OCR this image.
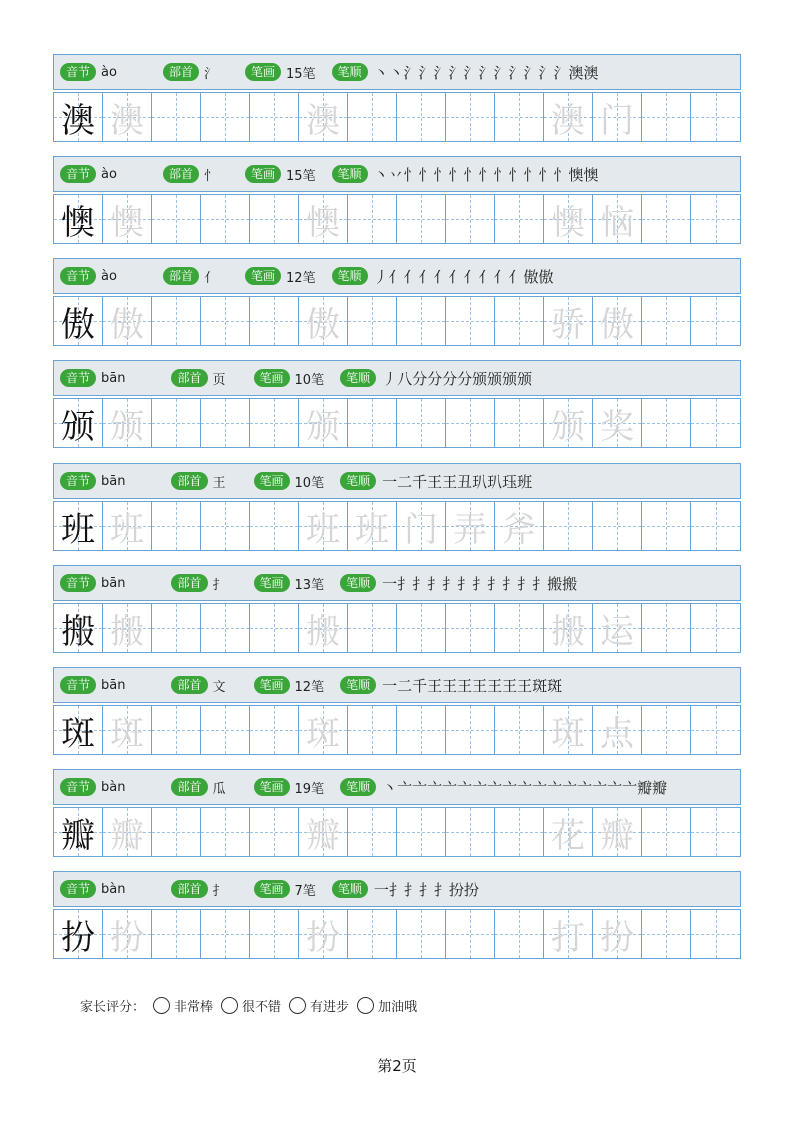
音节 ào	部首 氵	笔画 15笔	笔顺 丶丶氵氵氵氵氵氵氵氵氵氵氵澳澳
澳 澳	澳	澳 门
音节 ào	部首 忄	笔画 15笔	笔顺 丶丷忄忄忄忄忄忄忄忄忄忄忄懊懊
懊 懊	懊	懊 恼
音节 ào	部首 亻	笔画 12笔	笔顺 丿亻亻亻亻亻亻亻亻亻傲傲
傲 傲	傲	骄 傲
音节 bān	部首 页	笔画 10笔	笔顺 丿八分分分分颁颁颁颁
颁 颁	颁	颁 奖
音节 bān	部首 王	笔画 10笔	笔顺 一二千王王丑玐玐珏班
班 班	班 班 门 弄 斧
音节 bān	部首 扌	笔画 13笔	笔顺 一扌扌扌扌扌扌扌扌扌扌搬搬
搬 搬	搬	搬 运
音节 bān	部首 文	笔画 12笔	笔顺 一二千王王王王王王王斑斑
斑 斑	斑	斑 点
音节 bàn	部首 瓜	笔画 19笔	笔顺 丶亠亠亠亠亠亠亠亠亠亠亠亠亠亠亠亠瓣瓣
瓣 瓣	瓣	花 瓣
音节 bàn	部首 扌	笔画 7笔	笔顺 一扌扌扌扌扮扮
扮 扮	扮	打 扮
家长评分： 非常棒 很不错 有进步 加油哦
第2页
